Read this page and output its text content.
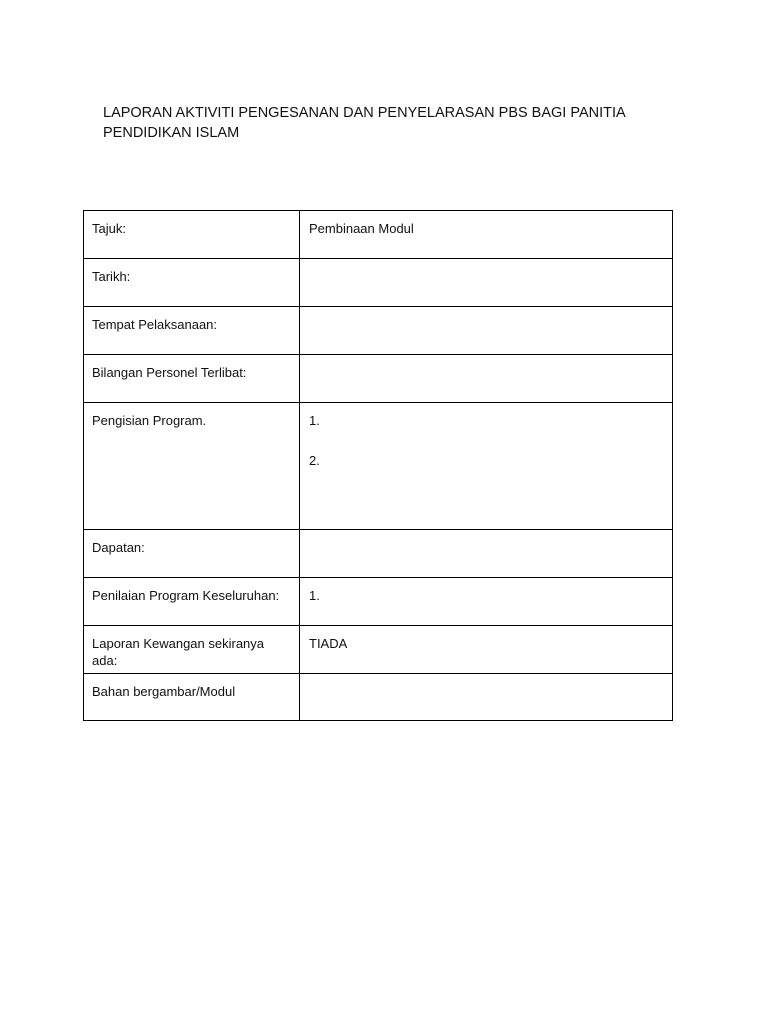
LAPORAN AKTIVITI PENGESANAN DAN PENYELARASAN PBS BAGI PANITIA
PENDIDIKAN ISLAM
Tajuk:	Pembinaan Modul
Tarikh:	
Tempat Pelaksanaan:	
Bilangan Personel Terlibat:	
Pengisian Program.	1.
2.

Dapatan:	
Penilaian Program Keseluruhan:	1.
Laporan Kewangan sekiranya ada:	TIADA
Bahan bergambar/Modul	
